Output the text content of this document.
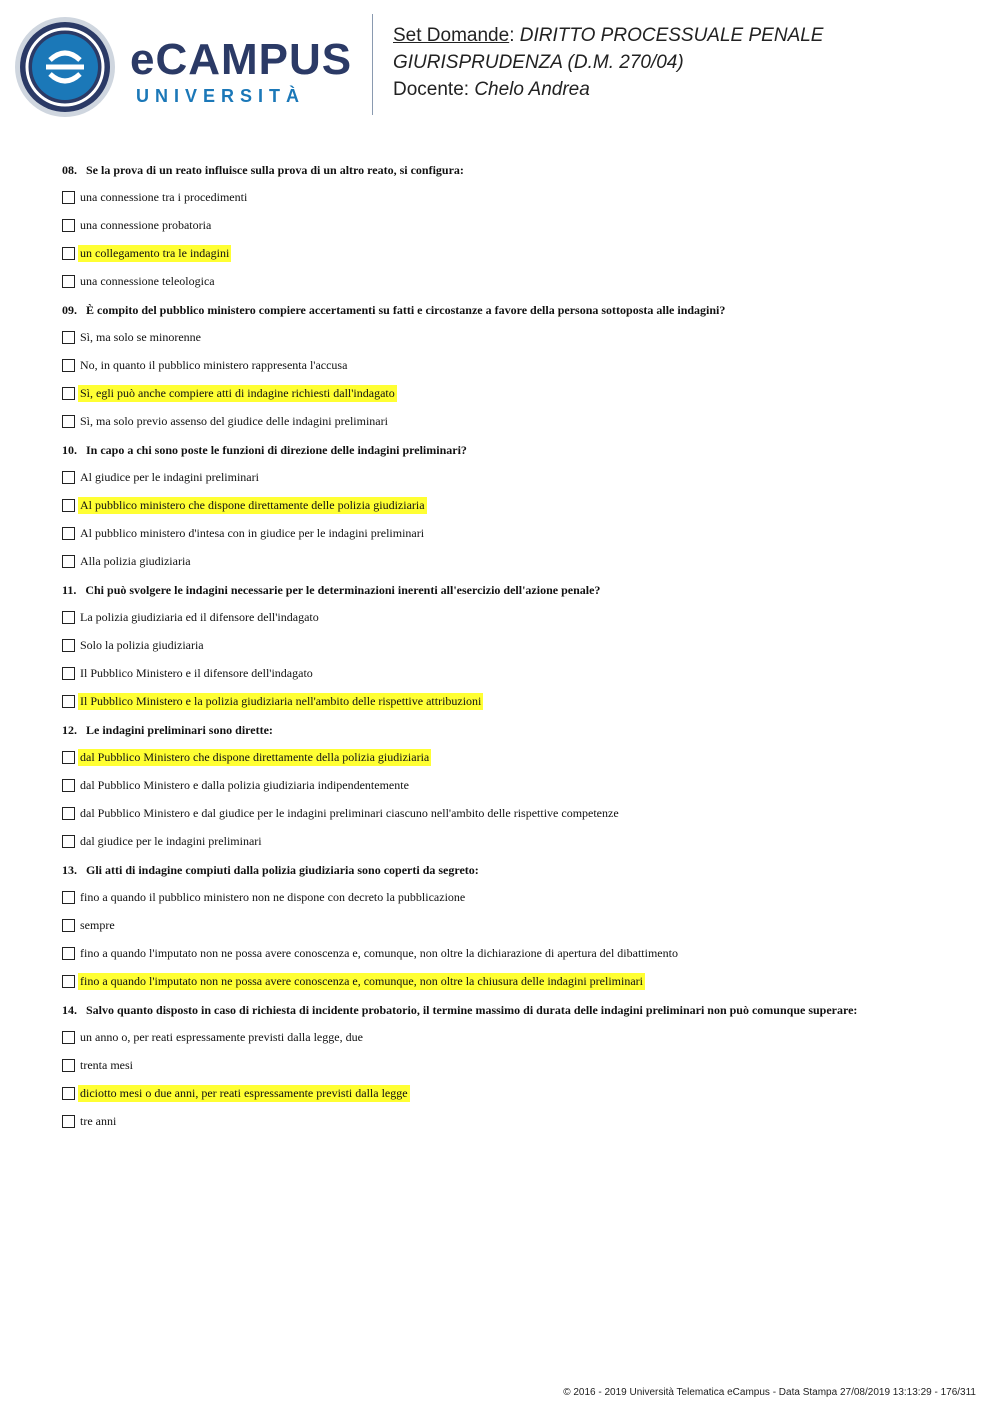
eCAMPUS
UNIVERSITÀ
Set Domande: DIRITTO PROCESSUALE PENALE
GIURISPRUDENZA (D.M. 270/04)
Docente: Chelo Andrea
08. Se la prova di un reato influisce sulla prova di un altro reato, si configura:
una connessione tra i procedimenti
una connessione probatoria
un collegamento tra le indagini
una connessione teleologica
09. È compito del pubblico ministero compiere accertamenti su fatti e circostanze a favore della persona sottoposta alle indagini?
Sì, ma solo se minorenne
No, in quanto il pubblico ministero rappresenta l'accusa
Sì, egli può anche compiere atti di indagine richiesti dall'indagato
Sì, ma solo previo assenso del giudice delle indagini preliminari
10. In capo a chi sono poste le funzioni di direzione delle indagini preliminari?
Al giudice per le indagini preliminari
Al pubblico ministero che dispone direttamente delle polizia giudiziaria
Al pubblico ministero d'intesa con in giudice per le indagini preliminari
Alla polizia giudiziaria
11. Chi può svolgere le indagini necessarie per le determinazioni inerenti all'esercizio dell'azione penale?
La polizia giudiziaria ed il difensore dell'indagato
Solo la polizia giudiziaria
Il Pubblico Ministero e il difensore dell'indagato
Il Pubblico Ministero e la polizia giudiziaria nell'ambito delle rispettive attribuzioni
12. Le indagini preliminari sono dirette:
dal Pubblico Ministero che dispone direttamente della polizia giudiziaria
dal Pubblico Ministero e dalla polizia giudiziaria indipendentemente
dal Pubblico Ministero e dal giudice per le indagini preliminari ciascuno nell'ambito delle rispettive competenze
dal giudice per le indagini preliminari
13. Gli atti di indagine compiuti dalla polizia giudiziaria sono coperti da segreto:
fino a quando il pubblico ministero non ne dispone con decreto la pubblicazione
sempre
fino a quando l'imputato non ne possa avere conoscenza e, comunque, non oltre la dichiarazione di apertura del dibattimento
fino a quando l'imputato non ne possa avere conoscenza e, comunque, non oltre la chiusura delle indagini preliminari
14. Salvo quanto disposto in caso di richiesta di incidente probatorio, il termine massimo di durata delle indagini preliminari non può comunque superare:
un anno o, per reati espressamente previsti dalla legge, due
trenta mesi
diciotto mesi o due anni, per reati espressamente previsti dalla legge
tre anni
© 2016 - 2019 Università Telematica eCampus - Data Stampa 27/08/2019 13:13:29 - 176/311
